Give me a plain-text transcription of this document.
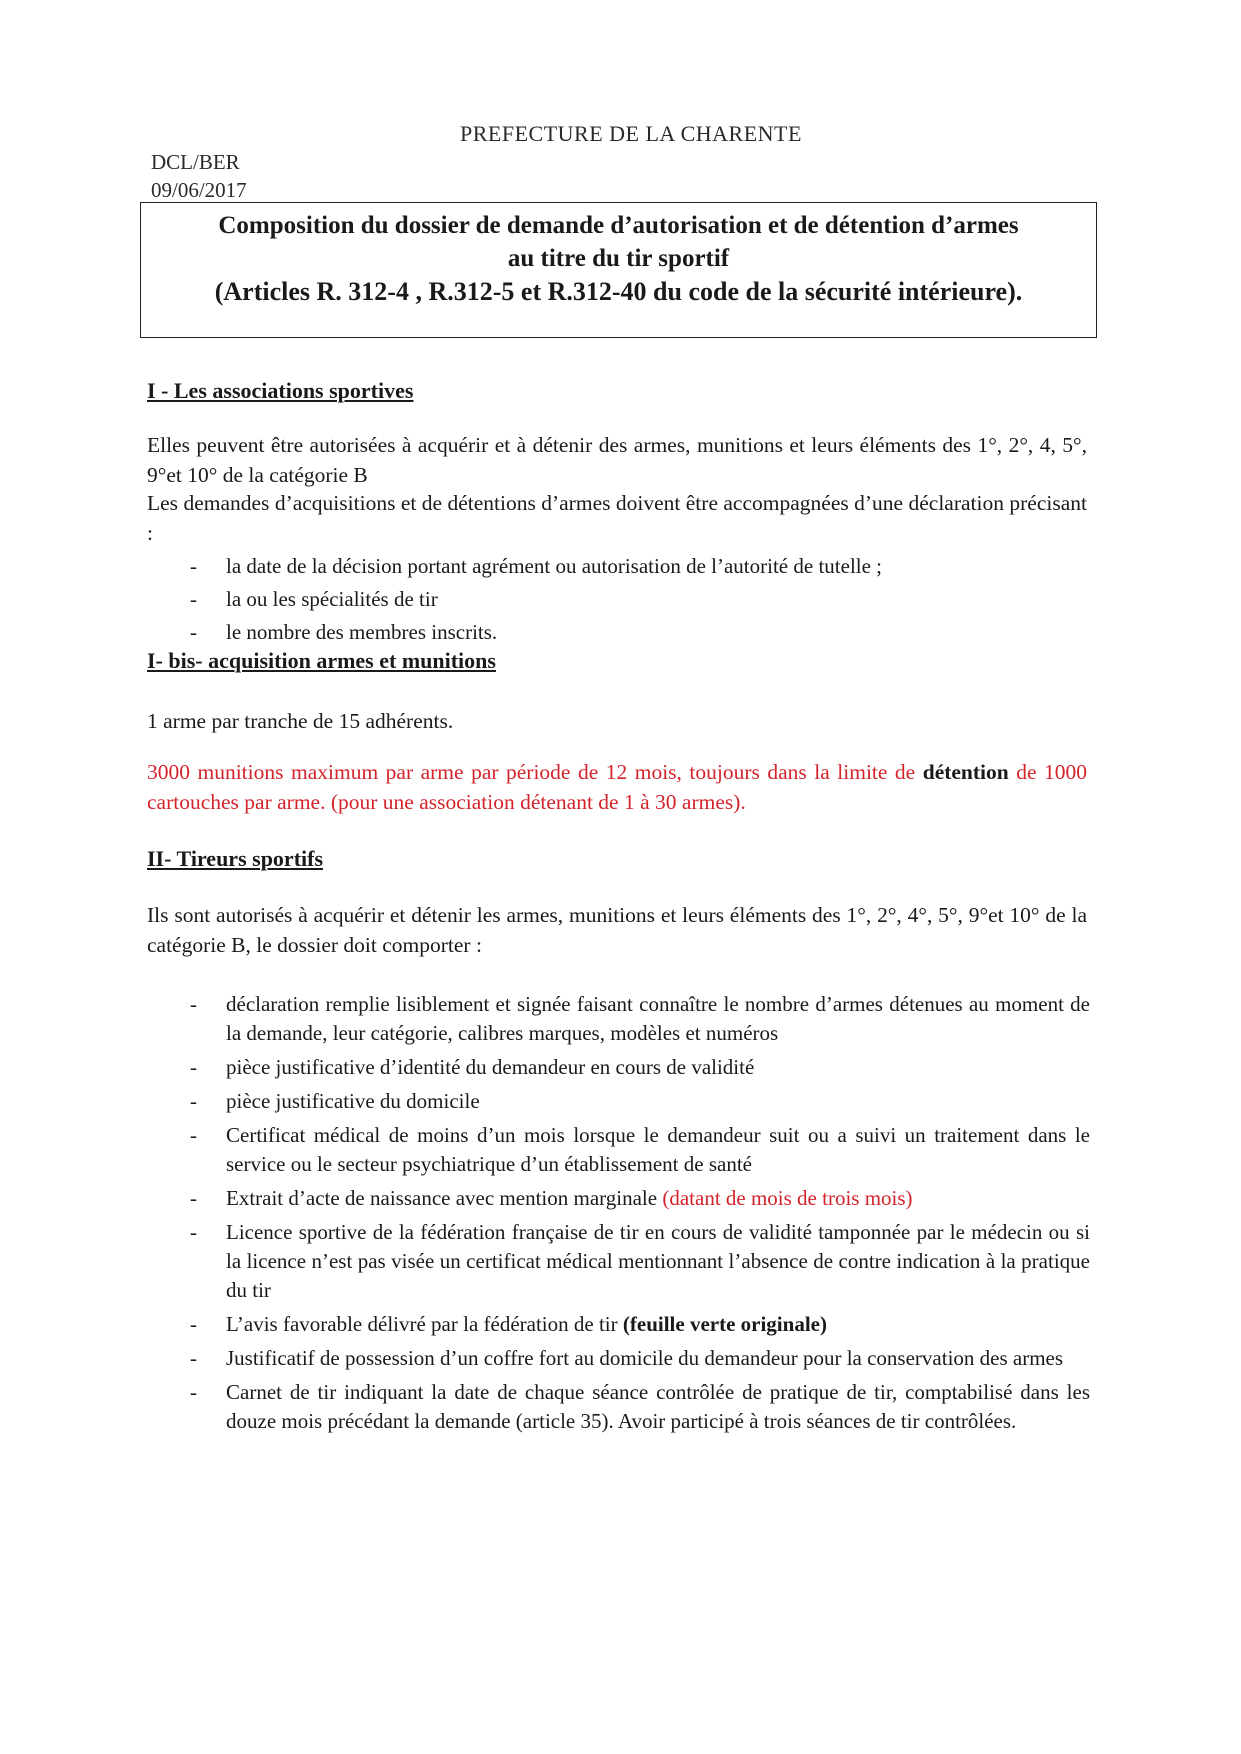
PREFECTURE DE LA CHARENTE
DCL/BER
09/06/2017
Composition du dossier de demande d’autorisation et de détention d’armes
au titre du tir sportif
(Articles R. 312-4 , R.312-5 et R.312-40 du code de la sécurité intérieure).
I - Les associations sportives
Elles peuvent être autorisées à acquérir et à détenir des armes, munitions et leurs éléments des 1°, 2°, 4, 5°, 9°et 10° de la catégorie B
Les demandes d’acquisitions et de détentions d’armes doivent être accompagnées d’une déclaration précisant :
- la date de la décision portant agrément ou autorisation de l’autorité de tutelle ;
- la ou les spécialités de tir
- le nombre des membres inscrits.
I- bis- acquisition armes et munitions
1 arme par tranche de 15 adhérents.
3000 munitions maximum par arme par période de 12 mois, toujours dans la limite de détention de 1000 cartouches par arme. (pour une association détenant de 1 à 30 armes).
II- Tireurs sportifs
Ils sont autorisés à acquérir et détenir les armes, munitions et leurs éléments des 1°, 2°, 4°, 5°, 9°et 10° de la catégorie B, le dossier doit comporter :
- déclaration remplie lisiblement et signée faisant connaître le nombre d’armes détenues au moment de la demande, leur catégorie, calibres marques, modèles et numéros
- pièce justificative d’identité du demandeur en cours de validité
- pièce justificative du domicile
- Certificat médical de moins d’un mois lorsque le demandeur suit ou a suivi un traitement dans le service ou le secteur psychiatrique d’un établissement de santé
- Extrait d’acte de naissance avec mention marginale (datant de mois de trois mois)
- Licence sportive de la fédération française de tir en cours de validité tamponnée par le médecin ou si la licence n’est pas visée un certificat médical mentionnant l’absence de contre indication à la pratique du tir
- L’avis favorable délivré par la fédération de tir (feuille verte originale)
- Justificatif de possession d’un coffre fort au domicile du demandeur pour la conservation des armes
- Carnet de tir indiquant la date de chaque séance contrôlée de pratique de tir, comptabilisé dans les douze mois précédant la demande (article 35). Avoir participé à trois séances de tir contrôlées.
